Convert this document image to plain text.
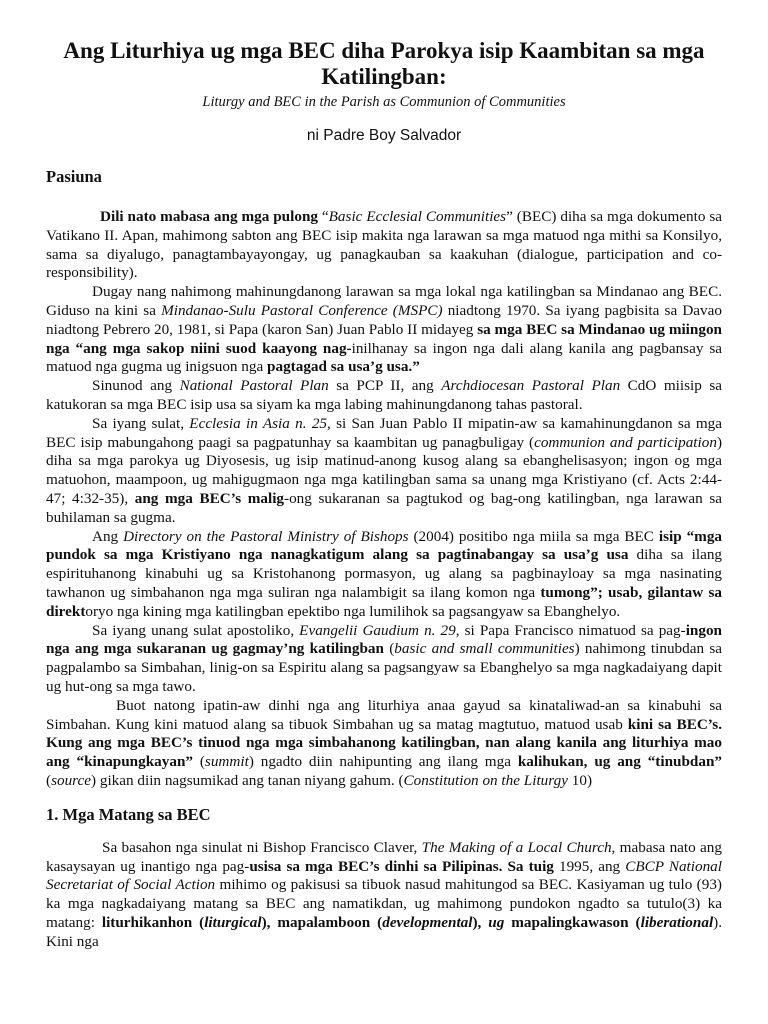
Ang Liturhiya ug mga BEC diha Parokya isip Kaambitan sa mga Katilingban:
Liturgy and BEC in the Parish as Communion of Communities
ni Padre Boy Salvador
Pasiuna

Dili nato mabasa ang mga pulong “Basic Ecclesial Communities” (BEC) diha sa mga dokumento sa Vatikano II. Apan, mahimong sabton ang BEC isip makita nga larawan sa mga matuod nga mithi sa Konsilyo, sama sa diyalugo, panagtambayayongay, ug panagkauban sa kaakuhan (dialogue, participation and co-responsibility).

Dugay nang nahimong mahinungdanong larawan sa mga lokal nga katilingban sa Mindanao ang BEC. Giduso na kini sa Mindanao-Sulu Pastoral Conference (MSPC) niadtong 1970. Sa iyang pagbisita sa Davao niadtong Pebrero 20, 1981, si Papa (karon San) Juan Pablo II midayeg sa mga BEC sa Mindanao ug miingon nga “ang mga sakop niini suod kaayong nag-inilhanay sa ingon nga dali alang kanila ang pagbansay sa matuod nga gugma ug inigsuon nga pagtagad sa usa’g usa.”

Sinunod ang National Pastoral Plan sa PCP II, ang Archdiocesan Pastoral Plan CdO miisip sa katukoran sa mga BEC isip usa sa siyam ka mga labing mahinungdanong tahas pastoral.

Sa iyang sulat, Ecclesia in Asia n. 25, si San Juan Pablo II mipatin-aw sa kamahinungdanon sa mga BEC isip mabungahong paagi sa pagpatunhay sa kaambitan ug panagbuligay (communion and participation) diha sa mga parokya ug Diyosesis, ug isip matinud-anong kusog alang sa ebanghelisasyon; ingon og mga matuohon, maampoon, ug mahigugmaon nga mga katilingban sama sa unang mga Kristiyano (cf. Acts 2:44-47; 4:32-35), ang mga BEC’s malig-ong sukaranan sa pagtukod og bag-ong katilingban, nga larawan sa buhilaman sa gugma.

Ang Directory on the Pastoral Ministry of Bishops (2004) positibo nga miila sa mga BEC isip “mga pundok sa mga Kristiyano nga nanagkatigum alang sa pagtinabangay sa usa’g usa diha sa ilang espirituhanong kinabuhi ug sa Kristohanong pormasyon, ug alang sa pagbinayloay sa mga nasinating tawhanon ug simbahanon nga mga suliran nga nalambigit sa ilang komon nga tumong”; usab, gilantaw sa direktoryo nga kining mga katilingban epektibo nga lumilihok sa pagsangyaw sa Ebanghelyo.

Sa iyang unang sulat apostoliko, Evangelii Gaudium n. 29, si Papa Francisco nimatuod sa pag-ingon nga ang mga sukaranan ug gagmay’ng katilingban (basic and small communities) nahimong tinubdan sa pagpalambo sa Simbahan, linig-on sa Espiritu alang sa pagsangyaw sa Ebanghelyo sa mga nagkadaiyang dapit ug hut-ong sa mga tawo.

Buot natong ipatin-aw dinhi nga ang liturhiya anaa gayud sa kinataliwad-an sa kinabuhi sa Simbahan. Kung kini matuod alang sa tibuok Simbahan ug sa matag magtutuo, matuod usab kini sa BEC’s. Kung ang mga BEC’s tinuod nga mga simbahanong katilingban, nan alang kanila ang liturhiya mao ang “kinapungkayan” (summit) ngadto diin nahipunting ang ilang mga kalihukan, ug ang “tinubdan” (source) gikan diin nagsumikad ang tanan niyang gahum. (Constitution on the Liturgy 10)

1. Mga Matang sa BEC

Sa basahon nga sinulat ni Bishop Francisco Claver, The Making of a Local Church, mabasa nato ang kasaysayan ug inantigo nga pag-usisa sa mga BEC’s dinhi sa Pilipinas. Sa tuig 1995, ang CBCP National Secretariat of Social Action mihimo og pakisusi sa tibuok nasud mahitungod sa BEC. Kasiyaman ug tulo (93) ka mga nagkadaiyang matang sa BEC ang namatikdan, ug mahimong pundokon ngadto sa tutulo(3) ka matang: liturhikanhon (liturgical), mapalamboon (developmental), ug mapalingkawason (liberational). Kini nga
